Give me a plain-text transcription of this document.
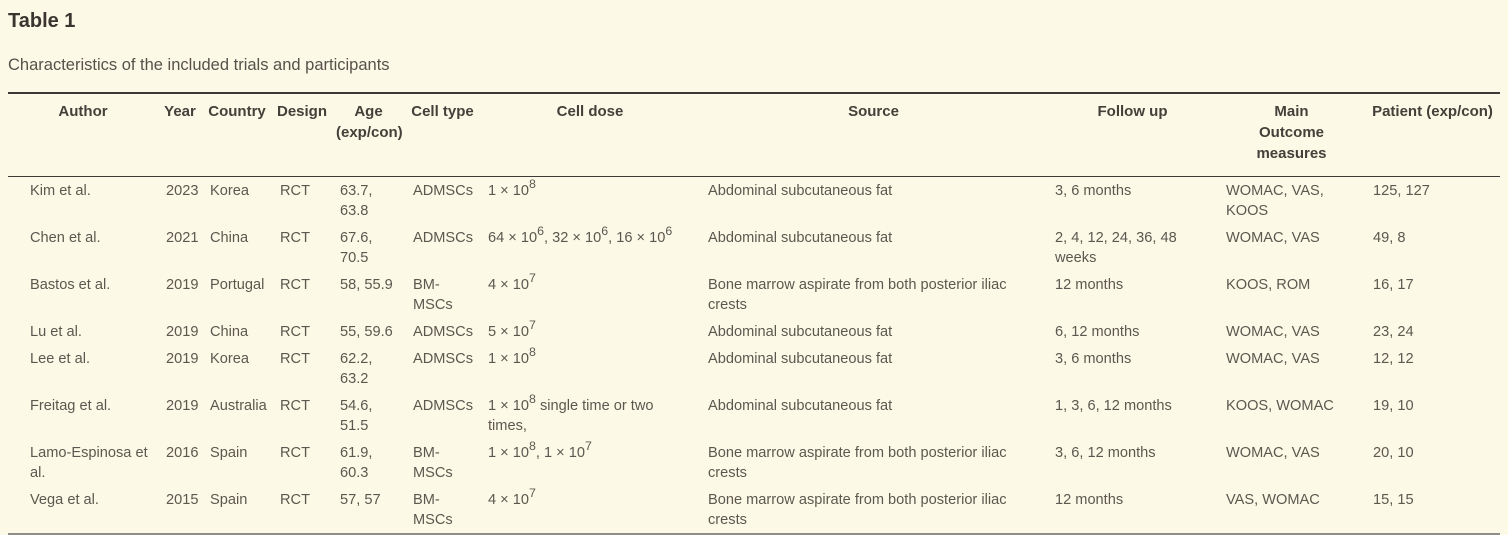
Table 1

Characteristics of the included trials and participants

Author	Year	Country	Design	Age (exp/con)	Cell type	Cell dose	Source	Follow up	Main Outcome measures	Patient (exp/con)
Kim et al.	2023	Korea	RCT	63.7, 63.8	ADMSCs	$1 \times 10^8$	Abdominal subcutaneous fat	3, 6 months	WOMAC, VAS, KOOS	125, 127
Chen et al.	2021	China	RCT	67.6, 70.5	ADMSCs	$64 \times 10^6$, $32 \times 10^6$, $16 \times 10^6$	Abdominal subcutaneous fat	2, 4, 12, 24, 36, 48 weeks	WOMAC, VAS	49, 8
Bastos et al.	2019	Portugal	RCT	58, 55.9	BM-MSCs	$4 \times 10^7$	Bone marrow aspirate from both posterior iliac crests	12 months	KOOS, ROM	16, 17
Lu et al.	2019	China	RCT	55, 59.6	ADMSCs	$5 \times 10^7$	Abdominal subcutaneous fat	6, 12 months	WOMAC, VAS	23, 24
Lee et al.	2019	Korea	RCT	62.2, 63.2	ADMSCs	$1 \times 10^8$	Abdominal subcutaneous fat	3, 6 months	WOMAC, VAS	12, 12
Freitag et al.	2019	Australia	RCT	54.6, 51.5	ADMSCs	$1 \times 10^8$ single time or two times,	Abdominal subcutaneous fat	1, 3, 6, 12 months	KOOS, WOMAC	19, 10
Lamo-Espinosa et al.	2016	Spain	RCT	61.9, 60.3	BM-MSCs	$1 \times 10^8$, $1 \times 10^7$	Bone marrow aspirate from both posterior iliac crests	3, 6, 12 months	WOMAC, VAS	20, 10
Vega et al.	2015	Spain	RCT	57, 57	BM-MSCs	$4 \times 10^7$	Bone marrow aspirate from both posterior iliac crests	12 months	VAS, WOMAC	15, 15
